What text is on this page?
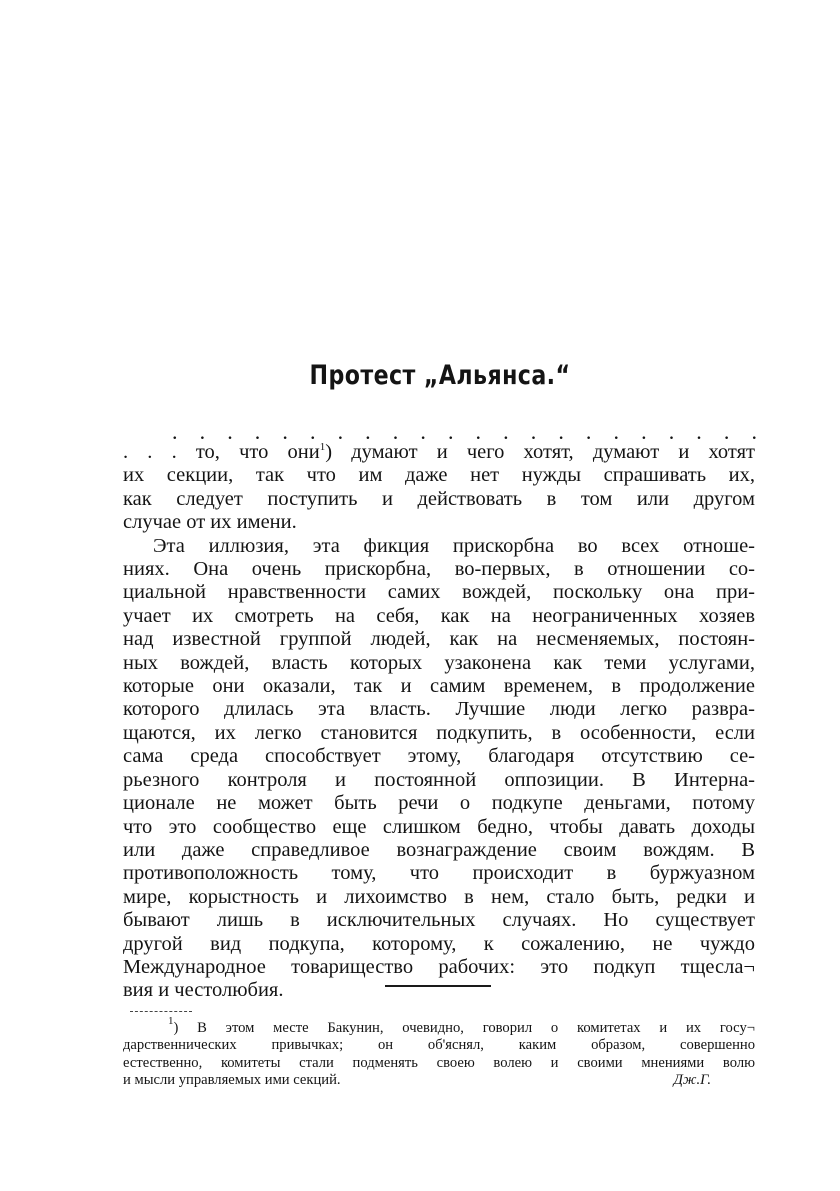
Протест „Альянса.“
. . . . . . . . . . . . . . . . . . . . . .
. . . то, что они$^1$) думают и чего хотят, думают и хотят
их секции, так что им даже нет нужды спрашивать их,
как следует поступить и действовать в том или другом
случае от их имени.
Эта иллюзия, эта фикция прискорбна во всех отноше-
ниях. Она очень прискорбна, во-первых, в отношении со-
циальной нравственности самих вождей, поскольку она при-
учает их смотреть на себя, как на неограниченных хозяев
над известной группой людей, как на несменяемых, постоян-
ных вождей, власть которых узаконена как теми услугами,
которые они оказали, так и самим временем, в продолжение
которого длилась эта власть. Лучшие люди легко развра-
щаются, их легко становится подкупить, в особенности, если
сама среда способствует этому, благодаря отсутствию се-
рьезного контроля и постоянной оппозиции. В Интерна-
ционале не может быть речи о подкупе деньгами, потому
что это сообщество еще слишком бедно, чтобы давать доходы
или даже справедливое вознаграждение своим вождям. В
противоположность тому, что происходит в буржуазном
мире, корыстность и лихоимство в нем, стало быть, редки и
бывают лишь в исключительных случаях. Но существует
другой вид подкупа, которому, к сожалению, не чуждо
Международное товарищество рабочих: это подкуп тщесла¬
вия и честолюбия.
$^1$) В этом месте Бакунин, очевидно, говорил о комитетах и их госу¬
дарственнических привычках; он об'яснял, каким образом, совершенно
естественно, комитеты стали подменять своею волею и своими мнениями волю
и мысли управляемых ими секций.	Дж.Г.
